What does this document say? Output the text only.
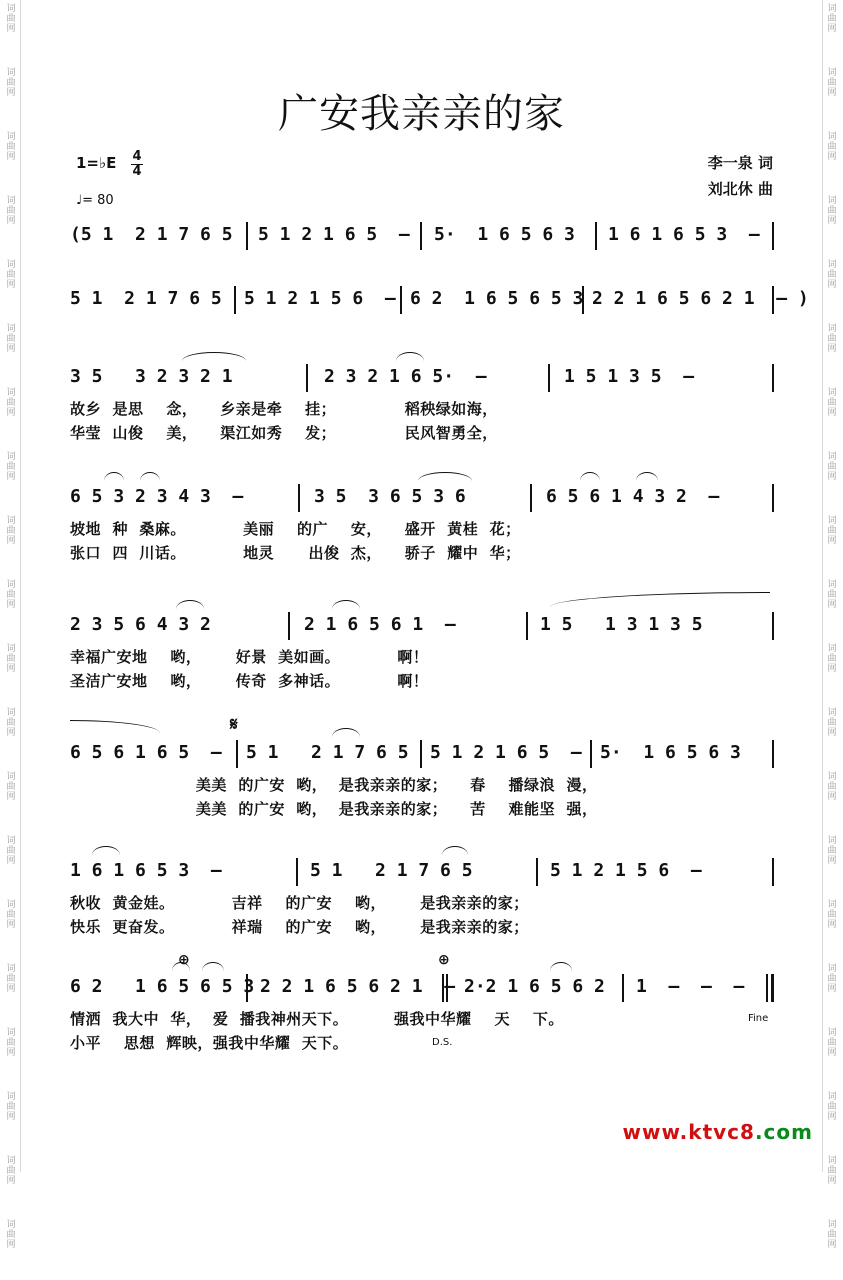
词
曲
网
词
曲
网
词
曲
网
词
曲
网
词
曲
网
词
曲
网
词
曲
网
词
曲
网
词
曲
网
词
曲
网
词
曲
网
词
曲
网
词
曲
网
词
曲
网
词
曲
网
词
曲
网
词
曲
网
词
曲
网
词
曲
网
词
曲
网
词
曲
网
词
曲
网
词
曲
网
词
曲
网
词
曲
网
词
曲
网
词
曲
网
词
曲
网
词
曲
网
词
曲
网
词
曲
网
词
曲
网
词
曲
网
词
曲
网
词
曲
网
词
曲
网
词
曲
网
词
曲
网
词
曲
网
词
曲
网
广安我亲亲的家
1=♭E 4
4
♩= 80
李一泉 词
刘北休 曲
(5 1  2 1 7 6 5 5 1 2 1 6 5  — 5·  1 6 5 6 3 1 6 1 6 5 3  —
5 1  2 1 7 6 5 5 1 2 1 5 6  — 6 2  1 6 5 6 5 3 2 2 1 6 5 6 2 1  — )
3 5   3 2 3 2 1	2 3 2 1 6 5·  —	1 5 1 3 5  —
故乡  是思    念，    乡亲是牵    挂；            稻秧绿如海，
华莹  山俊    美，    渠江如秀    发；            民风智勇全，
6 5 3 2 3 4 3  —	3 5  3 6 5 3 6	6 5 6 1 4 3 2  —
坡地  种  桑麻。          美丽    的广    安，    盛开  黄桂  花；
张口  四  川话。          地灵      出俊  杰，    骄子  耀中  华；
2 3 5 6 4 3 2	2 1 6 5 6 1  —	1 5   1 3 1 3 5
幸福广安地    哟，      好景  美如画。          啊！
圣洁广安地    哟，      传奇  多神话。          啊！
𝄋
6 5 6 1 6 5  — 5 1   2 1 7 6 5 5 1 2 1 6 5  — 5·  1 6 5 6 3
美美  的广安  哟，  是我亲亲的家；    春    播绿浪  漫，
美美  的广安  哟，  是我亲亲的家；    苦    难能坚  强，
1 6 1 6 5 3  —	5 1   2 1 7 6 5	5 1 2 1 5 6  —
秋收  黄金娃。          吉祥    的广安    哟，      是我亲亲的家；
快乐  更奋发。          祥瑞    的广安    哟，      是我亲亲的家；
⊕	⊕
6 2   1 6 5 6 5 3 2 2 1 6 5 6 2 1  — 2·2 1 6 5 6 2 1  —  —  —
情洒  我大中  华，  爱  播我神州天下。        强我中华耀    天    下。
小平    思想  辉映，强我中华耀  天下。
Fine
D.S.
www.ktvc8.com
